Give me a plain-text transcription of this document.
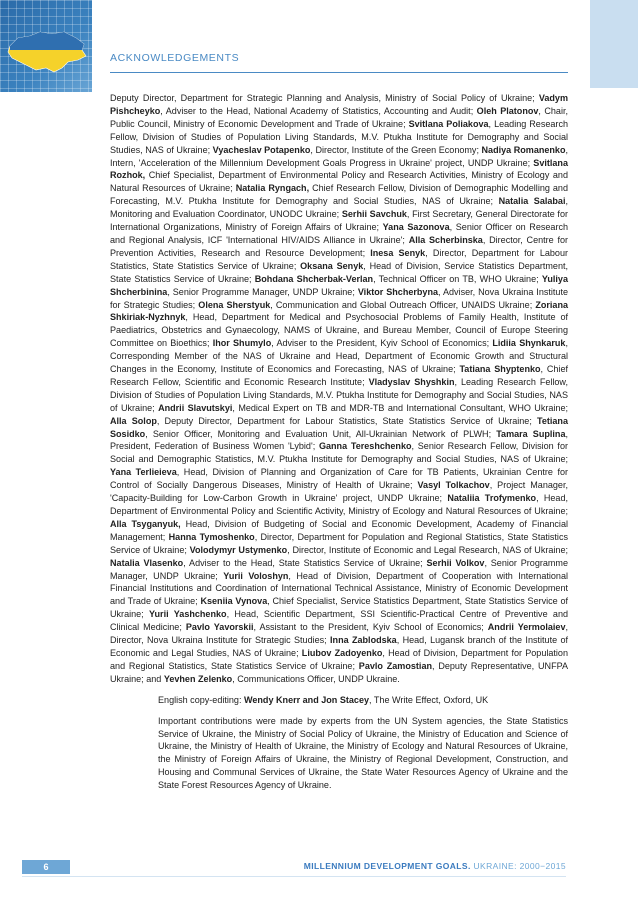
ACKNOWLEDGEMENTS
Deputy Director, Department for Strategic Planning and Analysis, Ministry of Social Policy of Ukraine; Vadym Pishcheyko, Adviser to the Head, National Academy of Statistics, Accounting and Audit; Oleh Platonov, Chair, Public Council, Ministry of Economic Development and Trade of Ukraine; Svitlana Poliakova, Leading Research Fellow, Division of Studies of Population Living Standards, M.V. Ptukha Institute for Demography and Social Studies, NAS of Ukraine; Vyacheslav Potapenko, Director, Institute of the Green Economy; Nadiya Romanenko, Intern, 'Acceleration of the Millennium Development Goals Progress in Ukraine' project, UNDP Ukraine; Svitlana Rozhok, Chief Specialist, Department of Environmental Policy and Research Activities, Ministry of Ecology and Natural Resources of Ukraine; Natalia Ryngach, Chief Research Fellow, Division of Demographic Modelling and Forecasting, M.V. Ptukha Institute for Demography and Social Studies, NAS of Ukraine; Natalia Salabai, Monitoring and Evaluation Coordinator, UNODC Ukraine; Serhii Savchuk, First Secretary, General Directorate for International Organizations, Ministry of Foreign Affairs of Ukraine; Yana Sazonova, Senior Officer on Research and Regional Analysis, ICF 'International HIV/AIDS Alliance in Ukraine'; Alla Scherbinska, Director, Centre for Prevention Activities, Research and Resource Development; Inesa Senyk, Director, Department for Labour Statistics, State Statistics Service of Ukraine; Oksana Senyk, Head of Division, Service Statistics Department, State Statistics Service of Ukraine; Bohdana Shcherbak-Verlan, Technical Officer on TB, WHO Ukraine; Yuliya Shcherbinina, Senior Programme Manager, UNDP Ukraine; Viktor Shcherbyna, Adviser, Nova Ukraina Institute for Strategic Studies; Olena Sherstyuk, Communication and Global Outreach Officer, UNAIDS Ukraine; Zoriana Shkiriak-Nyzhnyk, Head, Department for Medical and Psychosocial Problems of Family Health, Institute of Paediatrics, Obstetrics and Gynaecology, NAMS of Ukraine, and Bureau Member, Council of Europe Steering Committee on Bioethics; Ihor Shumylo, Adviser to the President, Kyiv School of Economics; Lidiia Shynkaruk, Corresponding Member of the NAS of Ukraine and Head, Department of Economic Growth and Structural Changes in the Economy, Institute of Economics and Forecasting, NAS of Ukraine; Tatiana Shyptenko, Chief Research Fellow, Scientific and Economic Research Institute; Vladyslav Shyshkin, Leading Research Fellow, Division of Studies of Population Living Standards, M.V. Ptukha Institute for Demography and Social Studies, NAS of Ukraine; Andrii Slavutskyi, Medical Expert on TB and MDR-TB and International Consultant, WHO Ukraine; Alla Solop, Deputy Director, Department for Labour Statistics, State Statistics Service of Ukraine; Tetiana Sosidko, Senior Officer, Monitoring and Evaluation Unit, All-Ukrainian Network of PLWH; Tamara Suplina, President, Federation of Business Women 'Lybid'; Ganna Tereshchenko, Senior Research Fellow, Division for Social and Demographic Statistics, M.V. Ptukha Institute for Demography and Social Studies, NAS of Ukraine; Yana Terlieieva, Head, Division of Planning and Organization of Care for TB Patients, Ukrainian Centre for Control of Socially Dangerous Diseases, Ministry of Health of Ukraine; Vasyl Tolkachov, Project Manager, 'Capacity-Building for Low-Carbon Growth in Ukraine' project, UNDP Ukraine; Nataliia Trofymenko, Head, Department of Environmental Policy and Scientific Activity, Ministry of Ecology and Natural Resources of Ukraine; Alla Tsyganyuk, Head, Division of Budgeting of Social and Economic Development, Academy of Financial Management; Hanna Tymoshenko, Director, Department for Population and Regional Statistics, State Statistics Service of Ukraine; Volodymyr Ustymenko, Director, Institute of Economic and Legal Research, NAS of Ukraine; Natalia Vlasenko, Adviser to the Head, State Statistics Service of Ukraine; Serhii Volkov, Senior Programme Manager, UNDP Ukraine; Yurii Voloshyn, Head of Division, Department of Cooperation with International Financial Institutions and Coordination of International Technical Assistance, Ministry of Economic Development and Trade of Ukraine; Kseniia Vynova, Chief Specialist, Service Statistics Department, State Statistics Service of Ukraine; Yurii Yashchenko, Head, Scientific Department, SSI Scientific-Practical Centre of Preventive and Clinical Medicine; Pavlo Yavorskii, Assistant to the President, Kyiv School of Economics; Andrii Yermolaiev, Director, Nova Ukraina Institute for Strategic Studies; Inna Zablodska, Head, Lugansk branch of the Institute of Economic and Legal Studies, NAS of Ukraine; Liubov Zadoyenko, Head of Division, Department for Population and Regional Statistics, State Statistics Service of Ukraine; Pavlo Zamostian, Deputy Representative, UNFPA Ukraine; and Yevhen Zelenko, Communications Officer, UNDP Ukraine.
English copy-editing: Wendy Knerr and Jon Stacey, The Write Effect, Oxford, UK
Important contributions were made by experts from the UN System agencies, the State Statistics Service of Ukraine, the Ministry of Social Policy of Ukraine, the Ministry of Education and Science of Ukraine, the Ministry of Health of Ukraine, the Ministry of Ecology and Natural Resources of Ukraine, the Ministry of Foreign Affairs of Ukraine, the Ministry of Regional Development, Construction, and Housing and Communal Services of Ukraine, the State Water Resources Agency of Ukraine and the State Forest Resources Agency of Ukraine.
6	MILLENNIUM DEVELOPMENT GOALS. UKRAINE: 2000−2015
